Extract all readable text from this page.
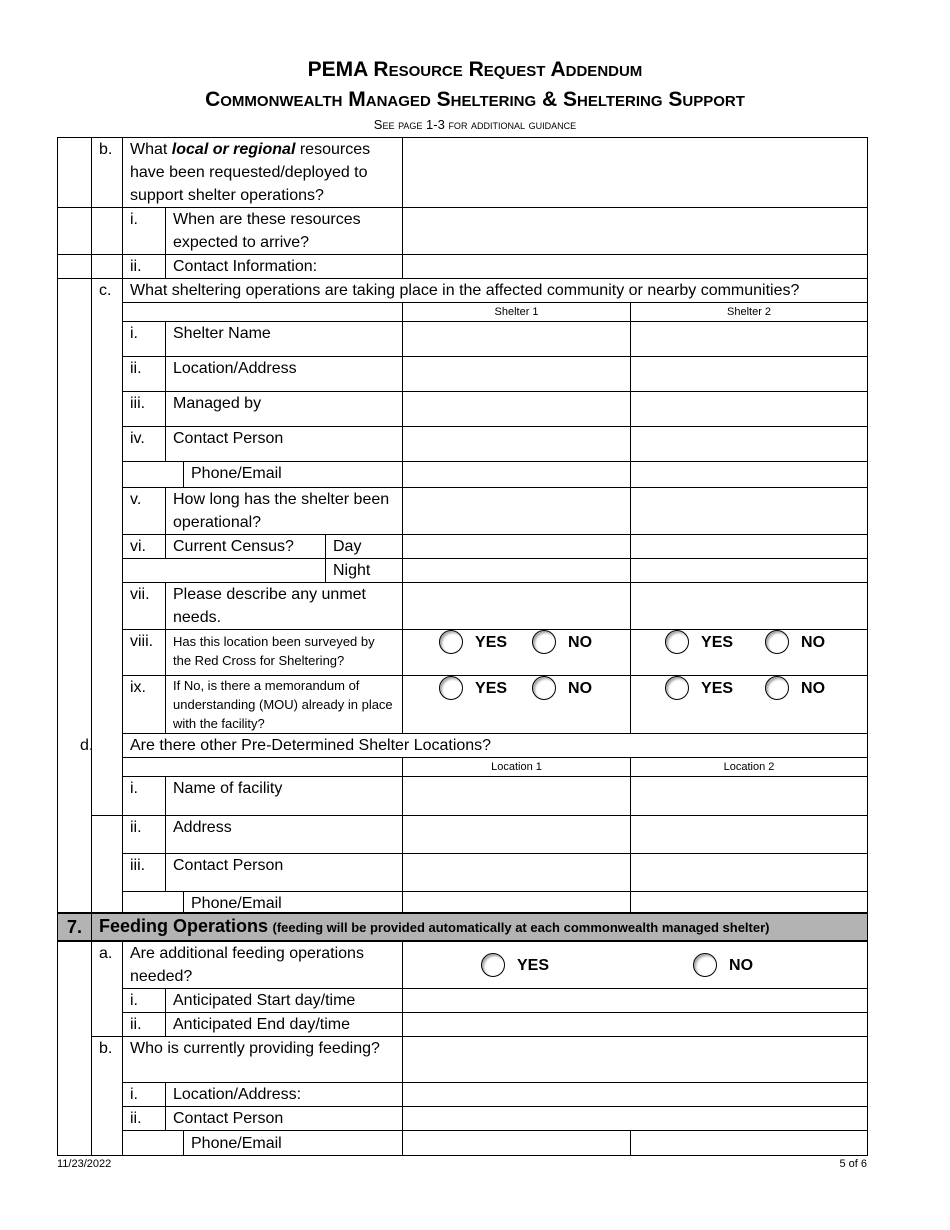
PEMA Resource Request Addendum
Commonwealth Managed Sheltering & Sheltering Support
See page 1-3 for additional guidance
	b.	What local or regional resources have been requested/deployed to support shelter operations?					
		i.	When are these resources expected to arrive?				
		ii.	Contact Information:				
	c.	What sheltering operations are taking place in the affected community or nearby communities?					
						Shelter 1	Shelter 2
		i.	Shelter Name				
		ii.	Location/Address				
		iii.	Managed by				
		iv.	Contact Person				
				Phone/Email			
		v.	How long has the shelter been operational?				
		vi.	Current Census?		Day		
					Night		
		vii.	Please describe any unmet needs.				
		viii.	Has this location been surveyed by the Red Cross for Sheltering?			YES NO	YES NO

		ix.	If No, is there a memorandum of understanding (MOU) already in place with the facility?			YES NO	YES NO

		d. Are there other Pre-Determined Shelter Locations?					
						Location 1	Location 2
		i.	Name of facility				
		ii.	Address				
		iii.	Contact Person				
				Phone/Email			
7.	Feeding Operations (feeding will be provided automatically at each commonwealth managed shelter)					
	a.	Are additional feeding operations needed?			YES NO	

		i.	Anticipated Start day/time			
		ii.	Anticipated End day/time			
	b.	Who is currently providing feeding?				
		i.	Location/Address:			
		ii.	Contact Person			
				Phone/Email		
11/23/2022	5 of 6
